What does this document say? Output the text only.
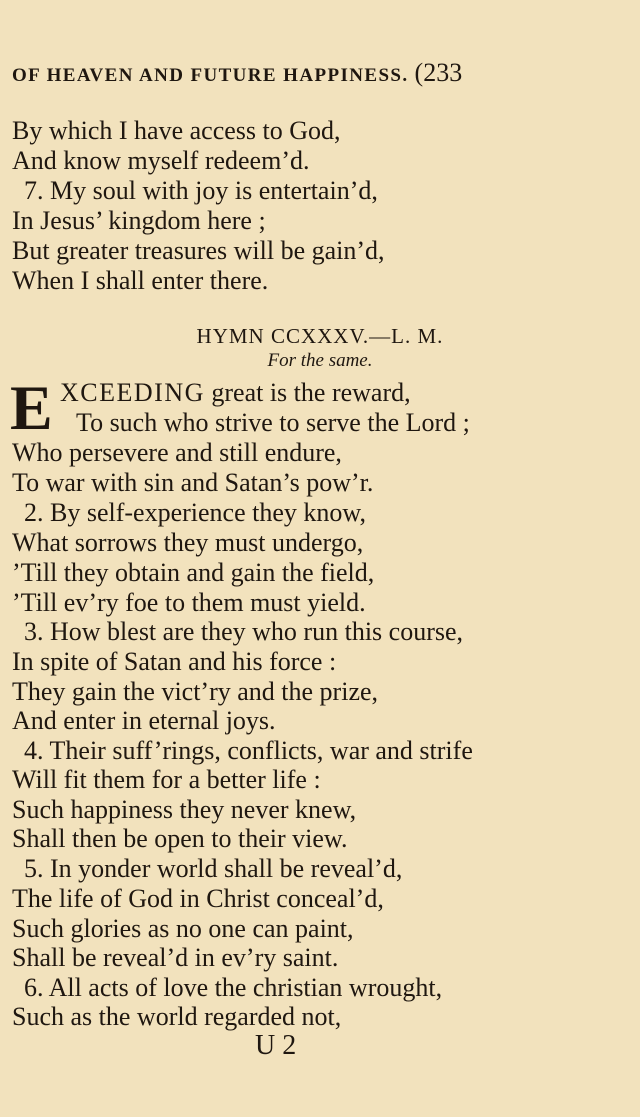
OF HEAVEN AND FUTURE HAPPINESS. (233
By which I have access to God,
And know myself redeem’d.
7. My soul with joy is entertain’d,
In Jesus’ kingdom here ;
But greater treasures will be gain’d,
When I shall enter there.
HYMN CCXXXV.—L. M.
For the same.
E XCEEDING great is the reward,
To such who strive to serve the Lord ;
Who persevere and still endure,
To war with sin and Satan’s pow’r.
2. By self-experience they know,
What sorrows they must undergo,
’Till they obtain and gain the field,
’Till ev’ry foe to them must yield.
3. How blest are they who run this course,
In spite of Satan and his force :
They gain the vict’ry and the prize,
And enter in eternal joys.
4. Their suff’rings, conflicts, war and strife
Will fit them for a better life :
Such happiness they never knew,
Shall then be open to their view.
5. In yonder world shall be reveal’d,
The life of God in Christ conceal’d,
Such glories as no one can paint,
Shall be reveal’d in ev’ry saint.
6. All acts of love the christian wrought,
Such as the world regarded not,
U 2
